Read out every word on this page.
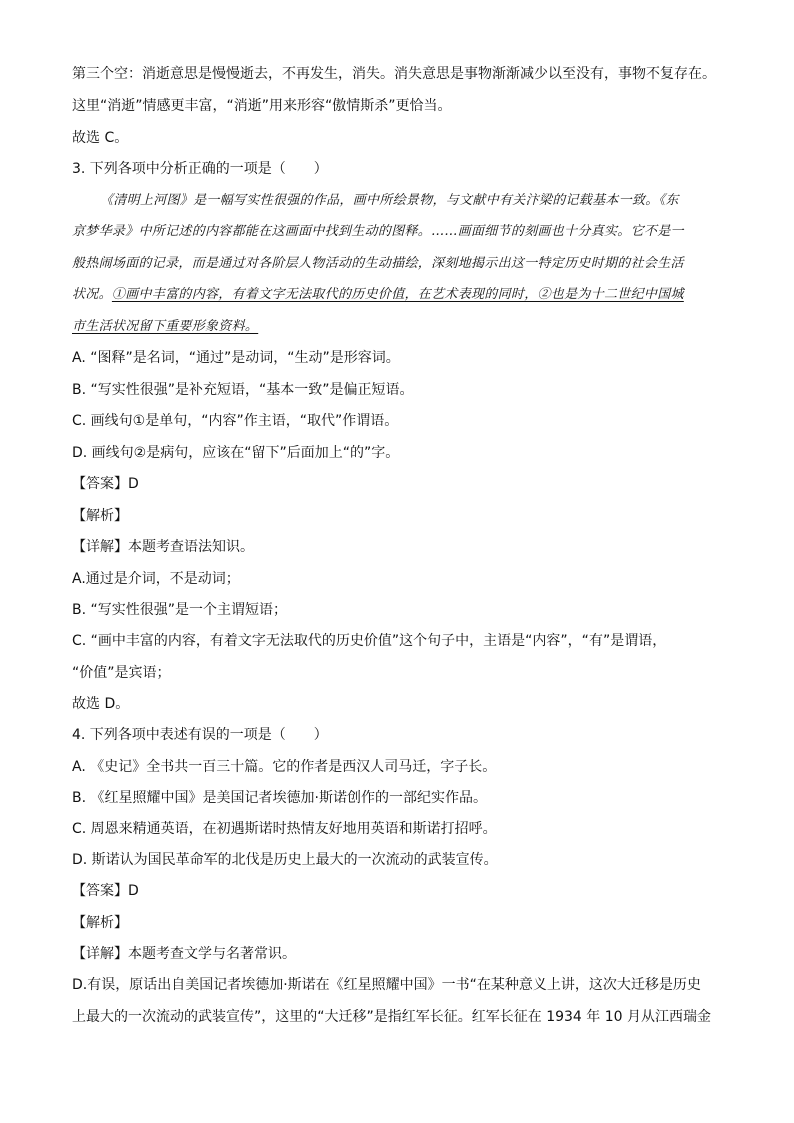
第三个空：消逝意思是慢慢逝去，不再发生，消失。消失意思是事物渐渐减少以至没有，事物不复存在。
这里“消逝”情感更丰富，“消逝”用来形容“傲情斯杀”更恰当。
故选 C。
3. 下列各项中分析正确的一项是（　　）
《清明上河图》是一幅写实性很强的作品，画中所绘景物，与文献中有关汴梁的记载基本一致。《东
京梦华录》中所记述的内容都能在这画面中找到生动的图释。……画面细节的刻画也十分真实。它不是一
般热闹场面的记录，而是通过对各阶层人物活动的生动描绘，深刻地揭示出这一特定历史时期的社会生活
状况。①画中丰富的内容，有着文字无法取代的历史价值，在艺术表现的同时，②也是为十二世纪中国城
市生活状况留下重要形象资料。
A. “图释”是名词，“通过”是动词，“生动”是形容词。
B. “写实性很强”是补充短语，“基本一致”是偏正短语。
C. 画线句①是单句，“内容”作主语，“取代”作谓语。
D. 画线句②是病句，应该在“留下”后面加上“的”字。
【答案】D
【解析】
【详解】本题考查语法知识。
A.通过是介词，不是动词；
B. “写实性很强”是一个主谓短语；
C. “画中丰富的内容，有着文字无法取代的历史价值”这个句子中，主语是“内容”，“有”是谓语，
“价值”是宾语；
故选 D。
4. 下列各项中表述有误的一项是（　　）
A. 《史记》全书共一百三十篇。它的作者是西汉人司马迁，字子长。
B. 《红星照耀中国》是美国记者埃德加·斯诺创作的一部纪实作品。
C. 周恩来精通英语，在初遇斯诺时热情友好地用英语和斯诺打招呼。
D. 斯诺认为国民革命军的北伐是历史上最大的一次流动的武装宣传。
【答案】D
【解析】
【详解】本题考查文学与名著常识。
D.有误，原话出自美国记者埃德加·斯诺在《红星照耀中国》一书“在某种意义上讲，这次大迁移是历史
上最大的一次流动的武装宣传”，这里的“大迁移”是指红军长征。红军长征在 1934 年 10 月从江西瑞金
